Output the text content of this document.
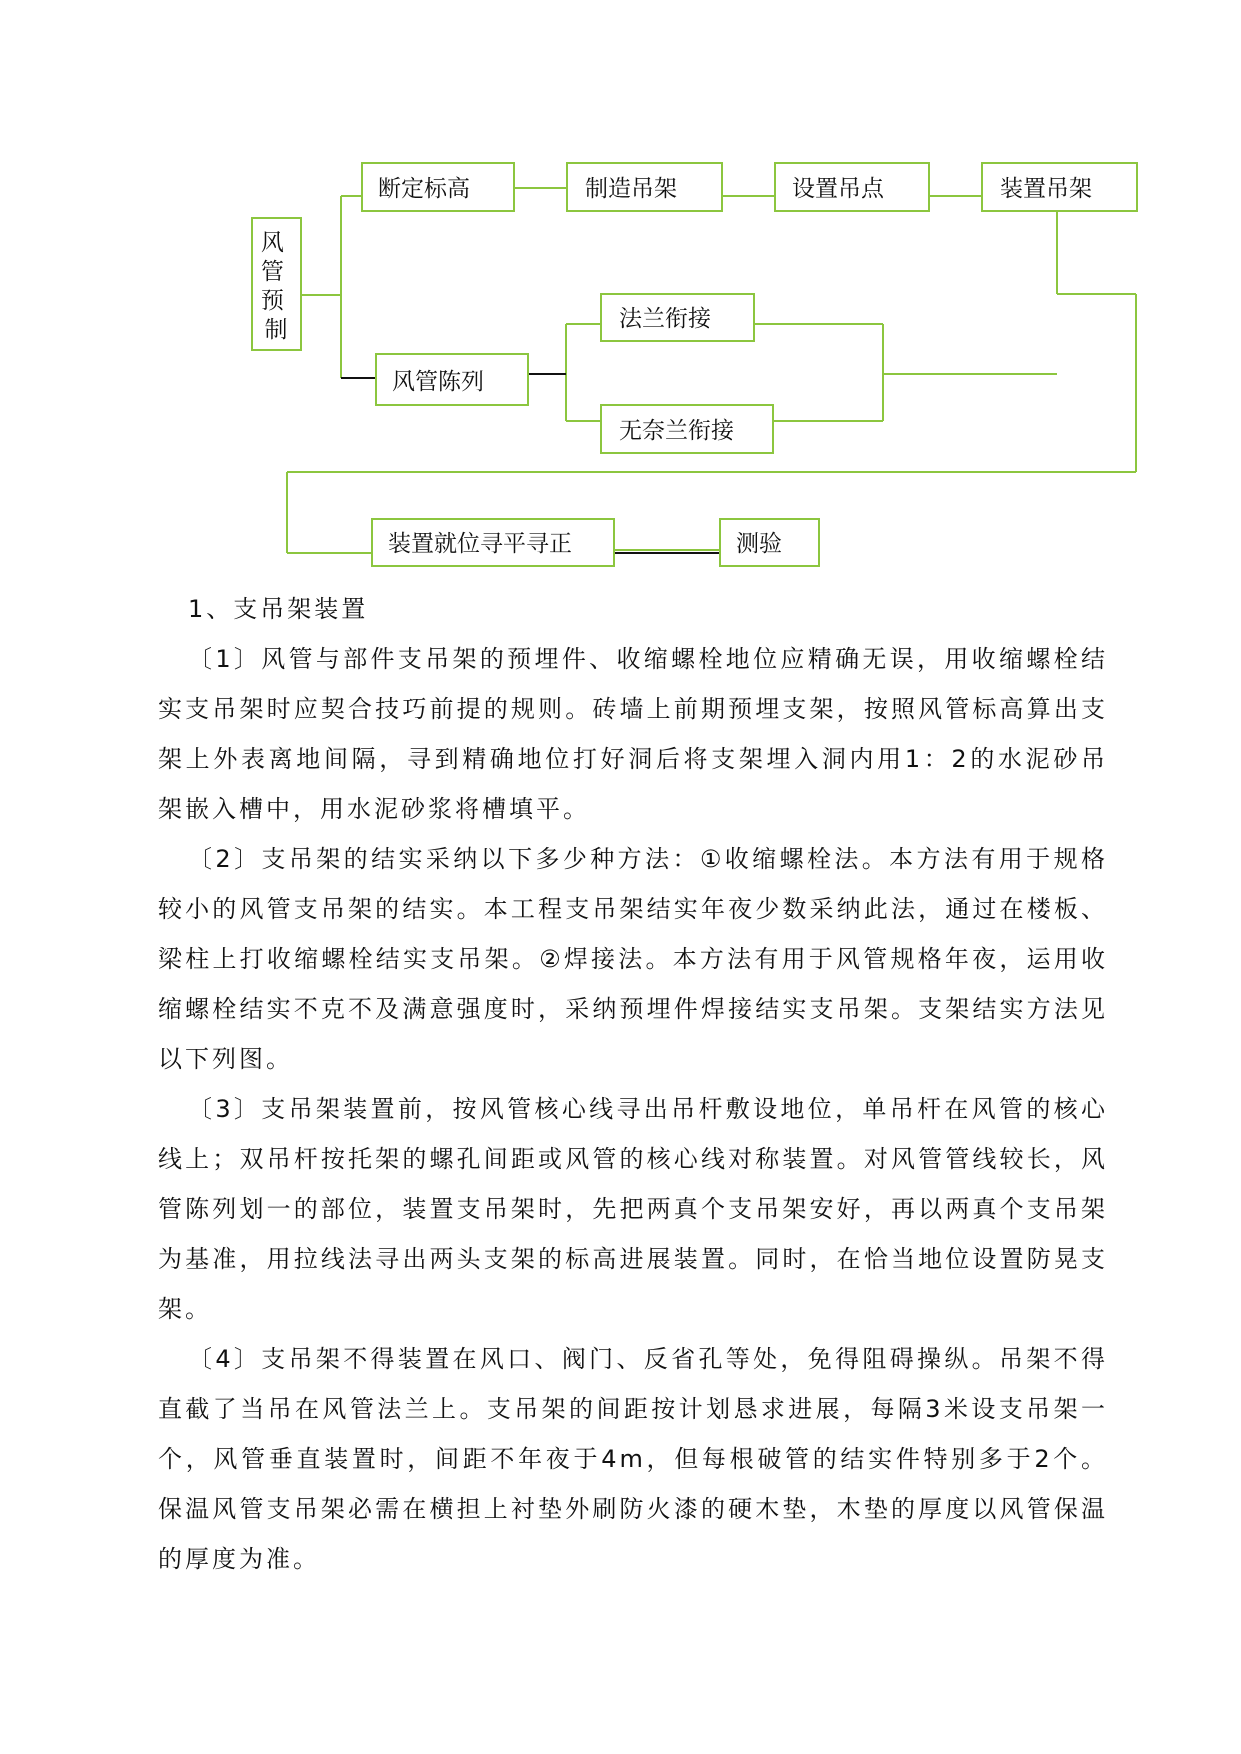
风 管 预 制
断定标高	制造吊架	设置吊点	装置吊架
风管陈列
法兰衔接
无奈兰衔接
装置就位寻平寻正	测验

1、支吊架装置

〔1〕风管与部件支吊架的预埋件、收缩螺栓地位应精确无误，用收缩螺栓结实支吊架时应契合技巧前提的规则。砖墙上前期预埋支架，按照风管标高算出支架上外表离地间隔，寻到精确地位打好洞后将支架埋入洞内用1：2的水泥砂吊架嵌入槽中，用水泥砂浆将槽填平。

〔2〕支吊架的结实采纳以下多少种方法：①收缩螺栓法。本方法有用于规格较小的风管支吊架的结实。本工程支吊架结实年夜少数采纳此法，通过在楼板、梁柱上打收缩螺栓结实支吊架。②焊接法。本方法有用于风管规格年夜，运用收缩螺栓结实不克不及满意强度时，采纳预埋件焊接结实支吊架。支架结实方法见以下列图。

〔3〕支吊架装置前，按风管核心线寻出吊杆敷设地位，单吊杆在风管的核心线上；双吊杆按托架的螺孔间距或风管的核心线对称装置。对风管管线较长，风管陈列划一的部位，装置支吊架时，先把两真个支吊架安好，再以两真个支吊架为基准，用拉线法寻出两头支架的标高进展装置。同时，在恰当地位设置防晃支架。

〔4〕支吊架不得装置在风口、阀门、反省孔等处，免得阻碍操纵。吊架不得直截了当吊在风管法兰上。支吊架的间距按计划恳求进展，每隔3米设支吊架一个，风管垂直装置时，间距不年夜于4m，但每根破管的结实件特别多于2个。保温风管支吊架必需在横担上衬垫外刷防火漆的硬木垫，木垫的厚度以风管保温的厚度为准。
